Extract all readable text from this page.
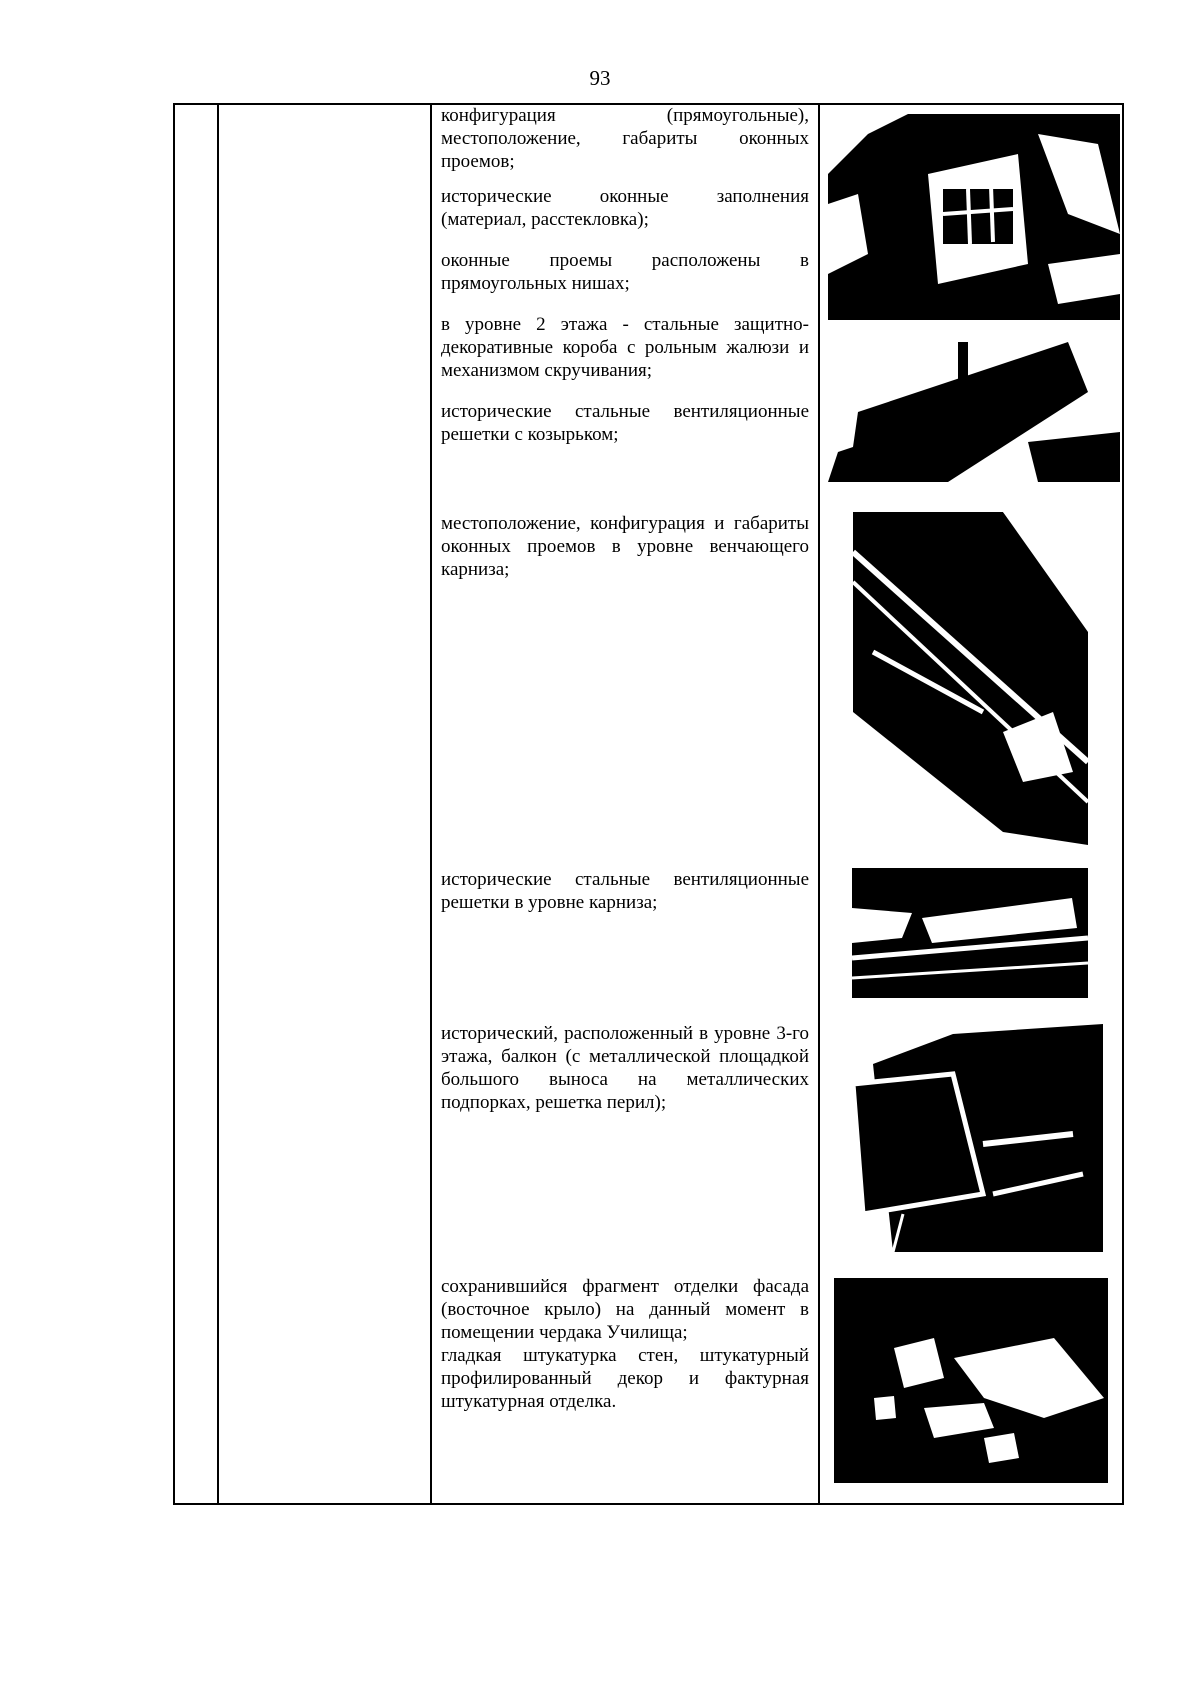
93

конфигурация (прямоугольные), местоположение, габариты оконных проемов;

исторические оконные заполнения (материал, расстекловка);

оконные проемы расположены в прямоугольных нишах;

в уровне 2 этажа - стальные защитно-декоративные короба с рольным жалюзи и механизмом скручивания;

исторические стальные вентиляционные решетки с козырьком;

местоположение, конфигурация и габариты оконных проемов в уровне венчающего карниза;

исторические стальные вентиляционные решетки в уровне карниза;

исторический, расположенный в уровне 3-го этажа, балкон (с металлической площадкой большого выноса на металлических подпорках, решетка перил);

сохранившийся фрагмент отделки фасада (восточное крыло) на данный момент в помещении чердака Училища;

гладкая штукатурка стен, штукатурный профилированный декор и фактурная штукатурная отделка.
